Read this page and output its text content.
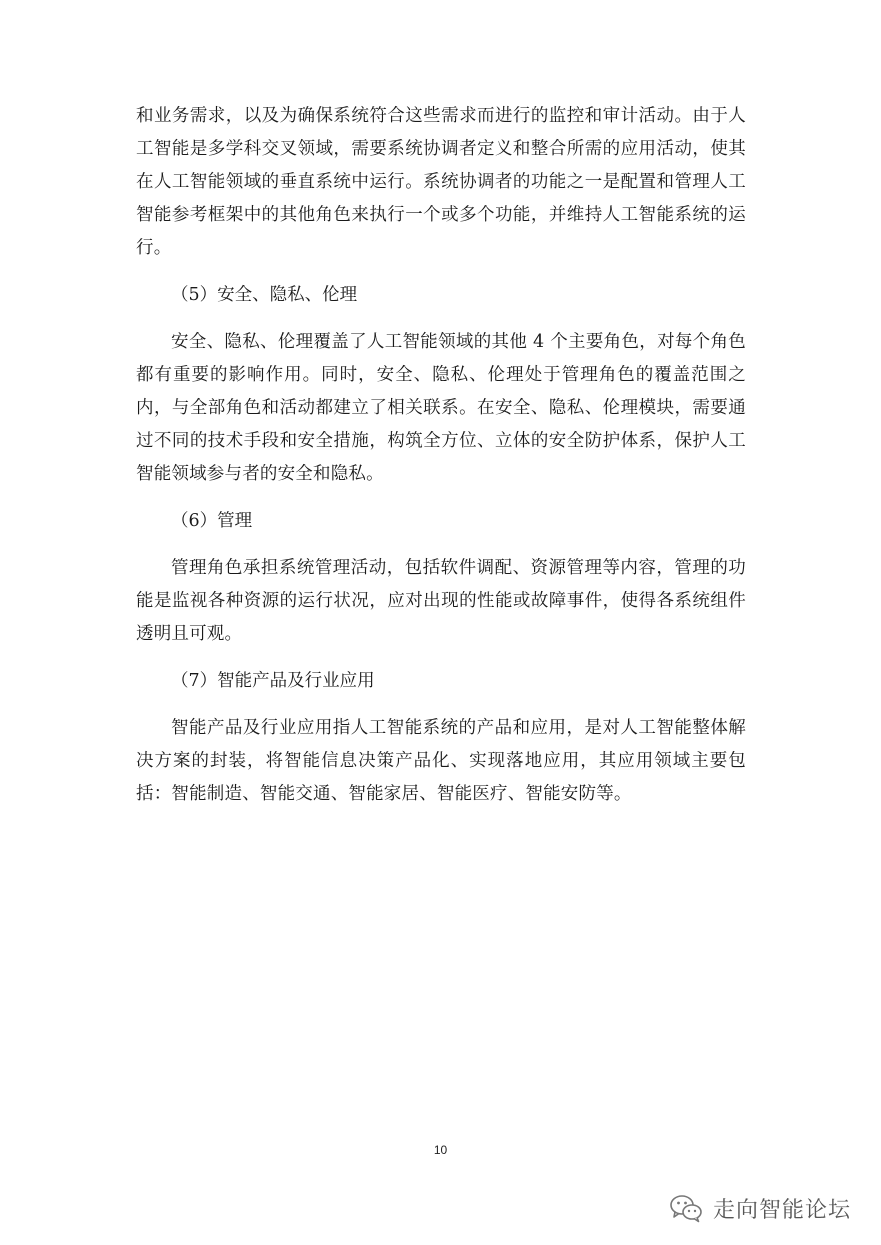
和业务需求，以及为确保系统符合这些需求而进行的监控和审计活动。由于人工智能是多学科交叉领域，需要系统协调者定义和整合所需的应用活动，使其在人工智能领域的垂直系统中运行。系统协调者的功能之一是配置和管理人工智能参考框架中的其他角色来执行一个或多个功能，并维持人工智能系统的运行。

（5）安全、隐私、伦理

安全、隐私、伦理覆盖了人工智能领域的其他 4 个主要角色，对每个角色都有重要的影响作用。同时，安全、隐私、伦理处于管理角色的覆盖范围之内，与全部角色和活动都建立了相关联系。在安全、隐私、伦理模块，需要通过不同的技术手段和安全措施，构筑全方位、立体的安全防护体系，保护人工智能领域参与者的安全和隐私。

（6）管理

管理角色承担系统管理活动，包括软件调配、资源管理等内容，管理的功能是监视各种资源的运行状况，应对出现的性能或故障事件，使得各系统组件透明且可观。

（7）智能产品及行业应用

智能产品及行业应用指人工智能系统的产品和应用，是对人工智能整体解决方案的封装，将智能信息决策产品化、实现落地应用，其应用领域主要包括：智能制造、智能交通、智能家居、智能医疗、智能安防等。

10
走向智能论坛
